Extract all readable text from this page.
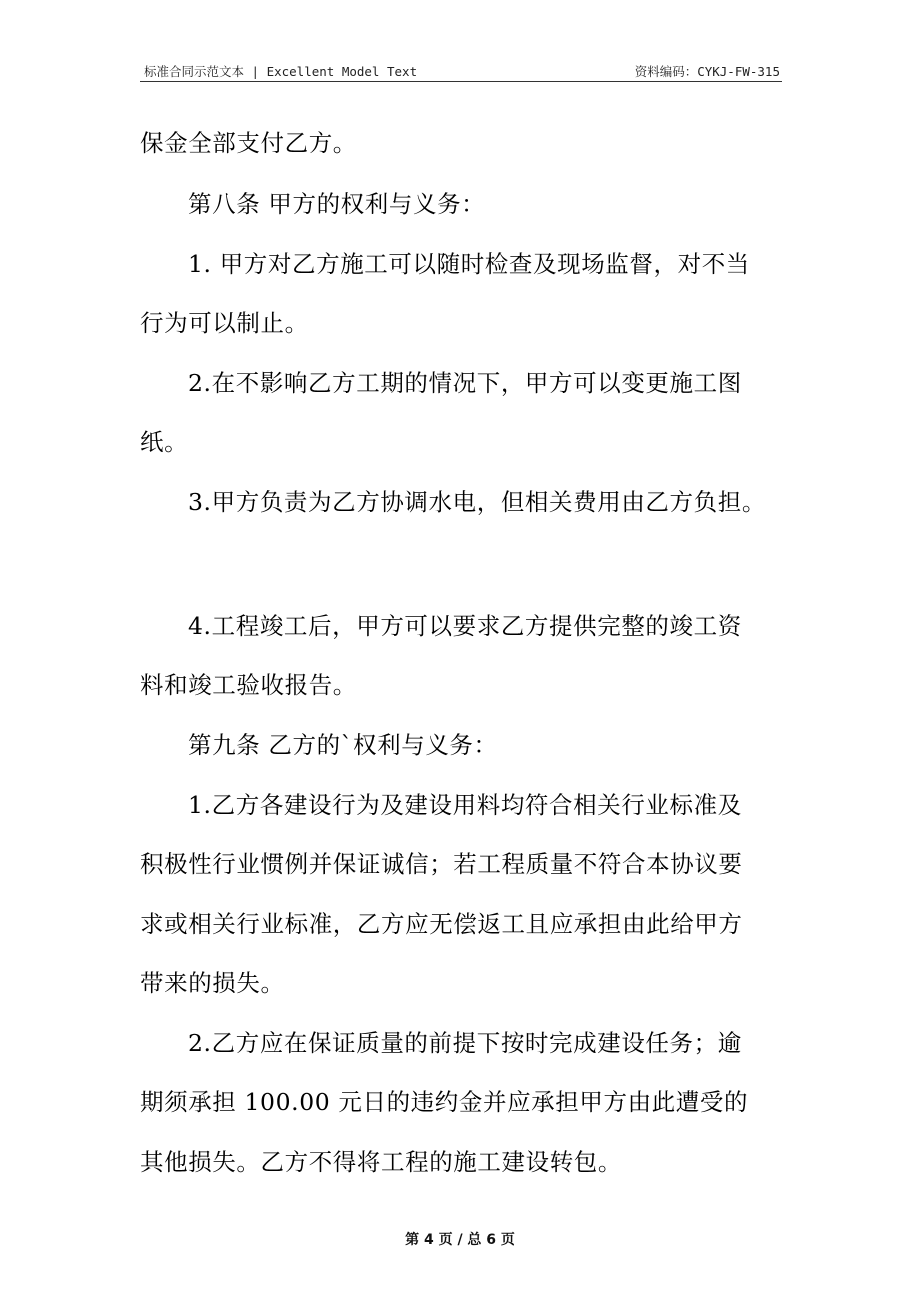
标准合同示范文本 | Excellent Model Text	资料编码：CYKJ-FW-315
保金全部支付乙方。
第八条 甲方的权利与义务：
1. 甲方对乙方施工可以随时检查及现场监督，对不当
行为可以制止。
2.在不影响乙方工期的情况下，甲方可以变更施工图
纸。
3.甲方负责为乙方协调水电，但相关费用由乙方负担。
4.工程竣工后，甲方可以要求乙方提供完整的竣工资
料和竣工验收报告。
第九条 乙方的`权利与义务：
1.乙方各建设行为及建设用料均符合相关行业标准及
积极性行业惯例并保证诚信；若工程质量不符合本协议要
求或相关行业标准，乙方应无偿返工且应承担由此给甲方
带来的损失。
2.乙方应在保证质量的前提下按时完成建设任务；逾
期须承担 100.00 元日的违约金并应承担甲方由此遭受的
其他损失。乙方不得将工程的施工建设转包。
第 4 页 / 总 6 页
